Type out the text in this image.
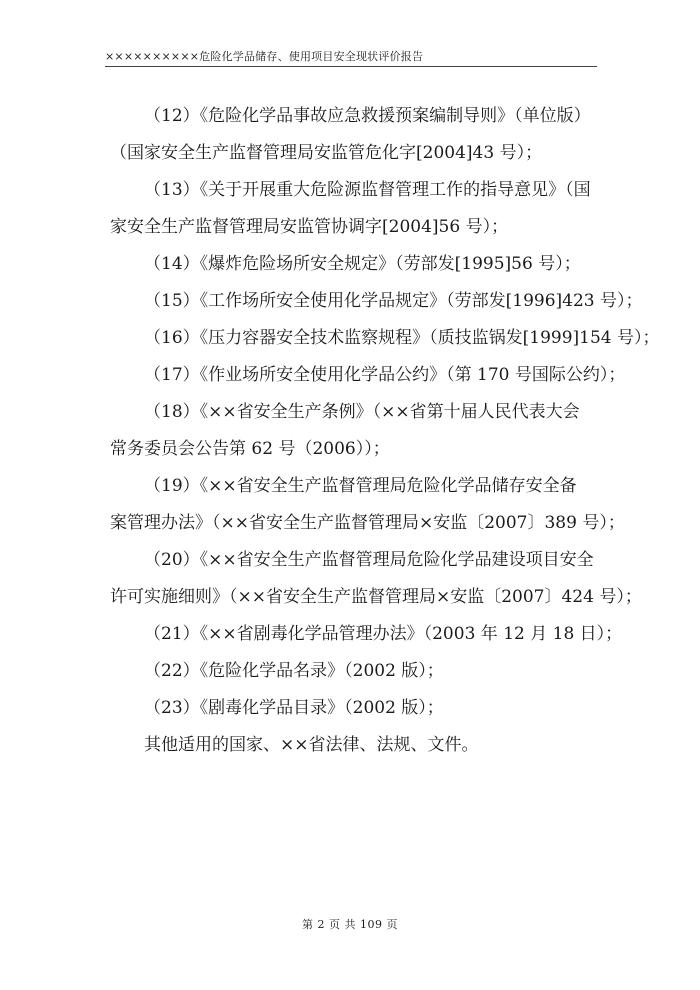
××××××××××危险化学品储存、使用项目安全现状评价报告

（12）《危险化学品事故应急救援预案编制导则》（单位版）

（国家安全生产监督管理局安监管危化字[2004]43 号）；

（13）《关于开展重大危险源监督管理工作的指导意见》（国

家安全生产监督管理局安监管协调字[2004]56 号）；

（14）《爆炸危险场所安全规定》（劳部发[1995]56 号）；

（15）《工作场所安全使用化学品规定》（劳部发[1996]423 号）；

（16）《压力容器安全技术监察规程》（质技监锅发[1999]154 号）；

（17）《作业场所安全使用化学品公约》（第 170 号国际公约）；

（18）《××省安全生产条例》（××省第十届人民代表大会

常务委员会公告第 62 号（2006））；

（19）《××省安全生产监督管理局危险化学品储存安全备

案管理办法》（××省安全生产监督管理局×安监〔2007〕389 号）；

（20）《××省安全生产监督管理局危险化学品建设项目安全

许可实施细则》（××省安全生产监督管理局×安监〔2007〕424 号）；

（21）《××省剧毒化学品管理办法》（2003 年 12 月 18 日）；

（22）《危险化学品名录》（2002 版）；

（23）《剧毒化学品目录》（2002 版）；

其他适用的国家、××省法律、法规、文件。

第 2 页 共 109 页
